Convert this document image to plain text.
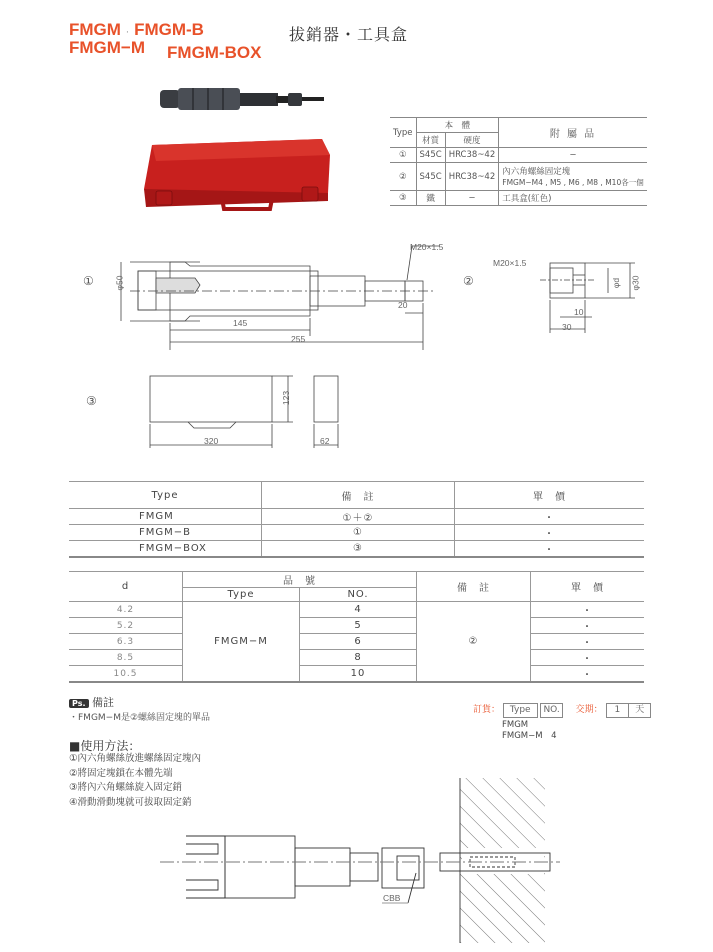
FMGM · FMGM-B
FMGM−M FMGM-BOX
拔銷器・工具盒
Type	本　體		附 屬 品
	材質	硬度	
①	S45C	HRC38~42	−
②	S45C	HRC38~42	內六角螺絲固定塊
FMGM−M4 , M5 , M6 , M8 , M10各一個

③	鐵	−	工具盒(紅色)
① φ50
M20×1.5
20
145
255
②
M20×1.5
φd φ30
10
30
③	123
320	62
Type	備　註	單　價
FMGM	①＋②	・
FMGM−B	①	・
FMGM−BOX	③	・
d	品　號		備　註	單　價
	Type	NO.		
4.2	FMGM−M	4	②	・
5.2		5		・
6.3		6		・
8.5		8		・
10.5		10		・
Ps. 備註
・FMGM−M是②螺絲固定塊的單品
■使用方法：
①內六角螺絲放進螺絲固定塊內
②將固定塊鎖在本體先端
③將內六角螺絲旋入固定銷
④滑動滑動塊就可拔取固定銷
訂貨： Type NO. 交期： 1 天
FMGM
FMGM−M　4
CBB
